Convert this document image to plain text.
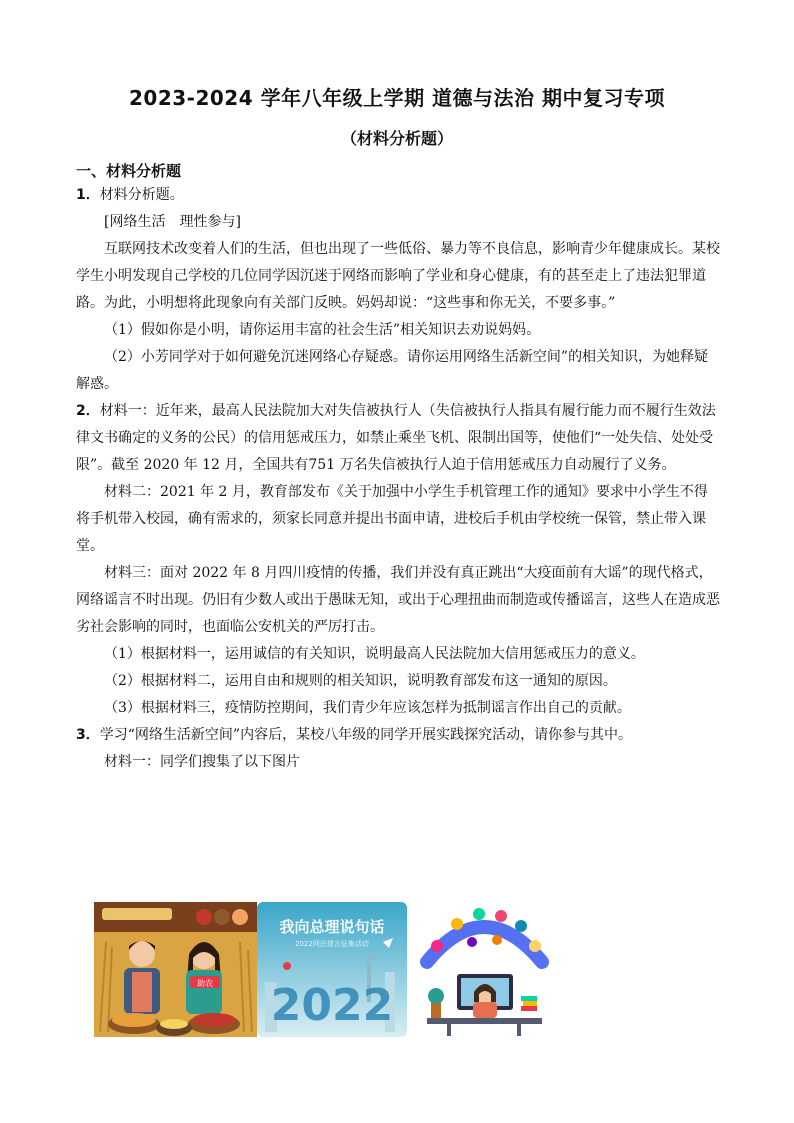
2023-2024 学年八年级上学期 道德与法治 期中复习专项
（材料分析题）
一、材料分析题

1．材料分析题。

[网络生活　理性参与]

互联网技术改变着人们的生活，但也出现了一些低俗、暴力等不良信息，影响青少年健康成长。某校学生小明发现自己学校的几位同学因沉迷于网络而影响了学业和身心健康，有的甚至走上了违法犯罪道路。为此，小明想将此现象向有关部门反映。妈妈却说：“这些事和你无关，不要多事。”

（1）假如你是小明，请你运用丰富的社会生活”相关知识去劝说妈妈。

（2）小芳同学对于如何避免沉迷网络心存疑惑。请你运用网络生活新空间”的相关知识，为她释疑解惑。

2．材料一：近年来，最高人民法院加大对失信被执行人（失信被执行人指具有履行能力而不履行生效法律文书确定的义务的公民）的信用惩戒压力，如禁止乘坐飞机、限制出国等，使他们“一处失信、处处受限”。截至 2020 年 12 月，全国共有751 万名失信被执行人迫于信用惩戒压力自动履行了义务。

材料二：2021 年 2 月，教育部发布《关于加强中小学生手机管理工作的通知》要求中小学生不得将手机带入校园，确有需求的，须家长同意并提出书面申请，进校后手机由学校统一保管，禁止带入课堂。

材料三：面对 2022 年 8 月四川疫情的传播，我们并没有真正跳出“大疫面前有大谣”的现代格式，网络谣言不时出现。仍旧有少数人或出于愚昧无知，或出于心理扭曲而制造或传播谣言，这些人在造成恶劣社会影响的同时，也面临公安机关的严厉打击。

（1）根据材料一，运用诚信的有关知识，说明最高人民法院加大信用惩戒压力的意义。

（2）根据材料二，运用自由和规则的相关知识，说明教育部发布这一通知的原因。

（3）根据材料三，疫情防控期间，我们青少年应该怎样为抵制谣言作出自己的贡献。

3．学习“网络生活新空间”内容后，某校八年级的同学开展实践探究活动，请你参与其中。

材料一：同学们搜集了以下图片

助农
我向总理说句话
2022网民建言征集活动
2022
